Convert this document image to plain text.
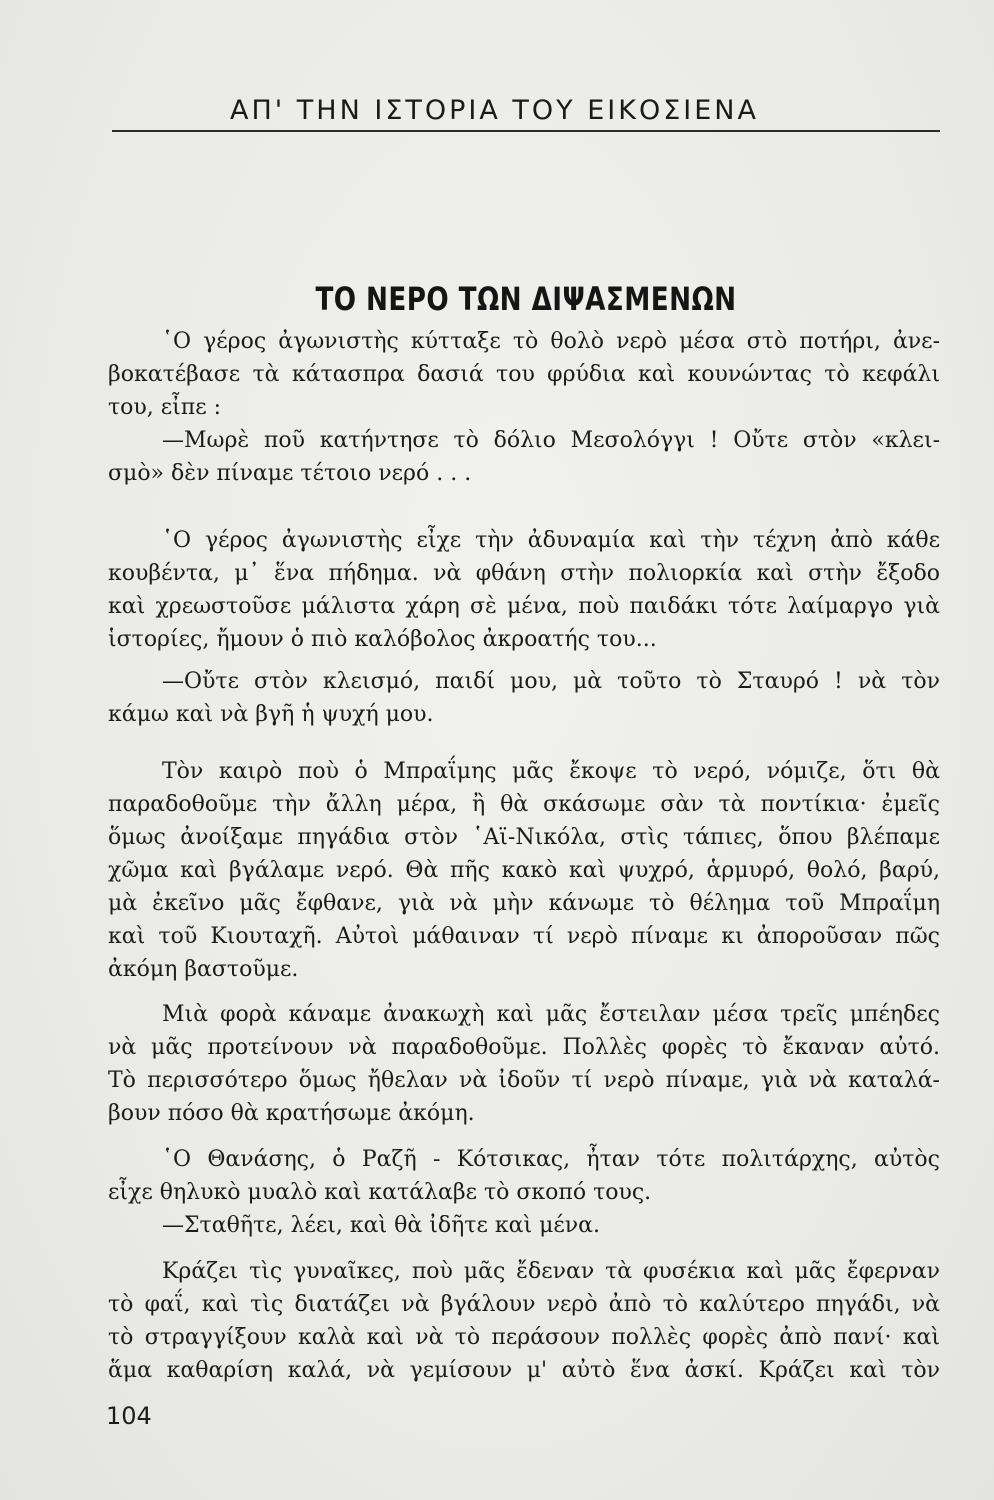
ΑΠ' ΤΗΝ ΙΣΤΟΡΙΑ ΤΟΥ ΕΙΚΟΣΙΕΝΑ
ΤΟ ΝΕΡΟ ΤΩΝ ΔΙΨΑΣΜΕΝΩΝ
῾Ο γέρος ἀγωνιστὴς κύτταξε τὸ θολὸ νερὸ μέσα στὸ ποτήρι, ἀνε-
βοκατέβασε τὰ κάτασπρα δασιά του φρύδια καὶ κουνώντας τὸ κεφάλι
του, εἶπε :
—Μωρὲ ποῦ κατήντησε τὸ δόλιο Μεσολόγγι ! Οὔτε στὸν «κλει-
σμὸ» δὲν πίναμε τέτοιο νερό . . .
῾Ο γέρος ἀγωνιστὴς εἶχε τὴν ἀδυναμία καὶ τὴν τέχνη ἀπὸ κάθε
κουβέντα, μ᾿ ἕνα πήδημα. νὰ φθάνη στὴν πολιορκία καὶ στὴν ἔξοδο
καὶ χρεωστοῦσε μάλιστα χάρη σὲ μένα, ποὺ παιδάκι τότε λαίμαργο γιὰ
ἱστορίες, ἤμουν ὁ πιὸ καλόβολος ἀκροατής του...
—Οὔτε στὸν κλεισμό, παιδί μου, μὰ τοῦτο τὸ Σταυρό ! νὰ τὸν
κάμω καὶ νὰ βγῆ ἡ ψυχή μου.
Τὸν καιρὸ ποὺ ὁ Μπραΐμης μᾶς ἔκοψε τὸ νερό, νόμιζε, ὅτι θὰ
παραδοθοῦμε τὴν ἄλλη μέρα, ἢ θὰ σκάσωμε σὰν τὰ ποντίκια· ἐμεῖς
ὅμως ἀνοίξαμε πηγάδια στὸν ῾Αϊ-Νικόλα, στὶς τάπιες, ὅπου βλέπαμε
χῶμα καὶ βγάλαμε νερό. Θὰ πῆς κακὸ καὶ ψυχρό, ἁρμυρό, θολό, βαρύ,
μὰ ἐκεῖνο μᾶς ἔφθανε, γιὰ νὰ μὴν κάνωμε τὸ θέλημα τοῦ Μπραΐμη
καὶ τοῦ Κιουταχῆ. Αὐτοὶ μάθαιναν τί νερὸ πίναμε κι ἀποροῦσαν πῶς
ἀκόμη βαστοῦμε.
Μιὰ φορὰ κάναμε ἀνακωχὴ καὶ μᾶς ἔστειλαν μέσα τρεῖς μπέηδες
νὰ μᾶς προτείνουν νὰ παραδοθοῦμε. Πολλὲς φορὲς τὸ ἔκαναν αὐτό.
Τὸ περισσότερο ὅμως ἤθελαν νὰ ἰδοῦν τί νερὸ πίναμε, γιὰ νὰ καταλά-
βουν πόσο θὰ κρατήσωμε ἀκόμη.
῾Ο Θανάσης, ὁ Ραζῆ - Κότσικας, ἦταν τότε πολιτάρχης, αὐτὸς
εἶχε θηλυκὸ μυαλὸ καὶ κατάλαβε τὸ σκοπό τους.
—Σταθῆτε, λέει, καὶ θὰ ἰδῆτε καὶ μένα.
Κράζει τὶς γυναῖκες, ποὺ μᾶς ἔδεναν τὰ φυσέκια καὶ μᾶς ἔφερναν
τὸ φαΐ, καὶ τὶς διατάζει νὰ βγάλουν νερὸ ἀπὸ τὸ καλύτερο πηγάδι, νὰ
τὸ στραγγίξουν καλὰ καὶ νὰ τὸ περάσουν πολλὲς φορὲς ἀπὸ πανί· καὶ
ἅμα καθαρίση καλά, νὰ γεμίσουν μ' αὐτὸ ἕνα ἀσκί. Κράζει καὶ τὸν
104
